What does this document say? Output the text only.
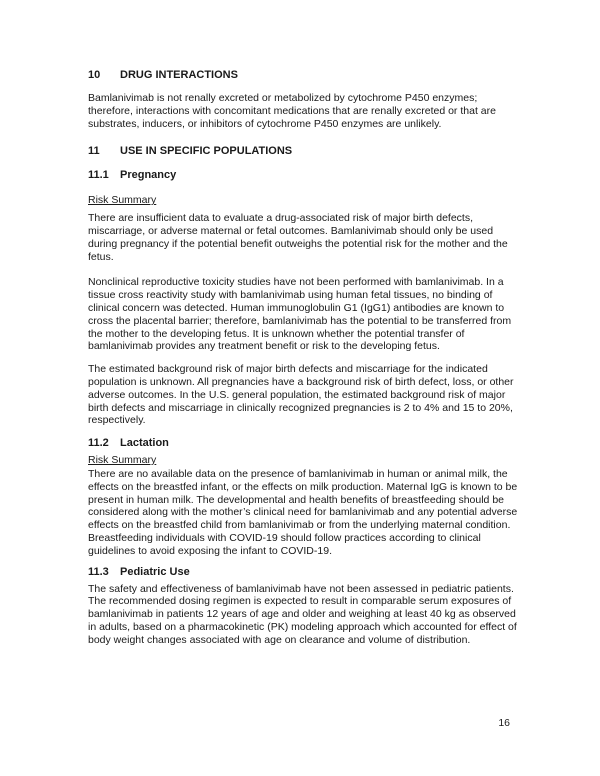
10 DRUG INTERACTIONS

Bamlanivimab is not renally excreted or metabolized by cytochrome P450 enzymes; therefore, interactions with concomitant medications that are renally excreted or that are substrates, inducers, or inhibitors of cytochrome P450 enzymes are unlikely.

11 USE IN SPECIFIC POPULATIONS
11.1 Pregnancy
Risk Summary

There are insufficient data to evaluate a drug-associated risk of major birth defects, miscarriage, or adverse maternal or fetal outcomes. Bamlanivimab should only be used during pregnancy if the potential benefit outweighs the potential risk for the mother and the fetus.

Nonclinical reproductive toxicity studies have not been performed with bamlanivimab. In a tissue cross reactivity study with bamlanivimab using human fetal tissues, no binding of clinical concern was detected. Human immunoglobulin G1 (IgG1) antibodies are known to cross the placental barrier; therefore, bamlanivimab has the potential to be transferred from the mother to the developing fetus. It is unknown whether the potential transfer of bamlanivimab provides any treatment benefit or risk to the developing fetus.

The estimated background risk of major birth defects and miscarriage for the indicated population is unknown. All pregnancies have a background risk of birth defect, loss, or other adverse outcomes. In the U.S. general population, the estimated background risk of major birth defects and miscarriage in clinically recognized pregnancies is 2 to 4% and 15 to 20%, respectively.

11.2 Lactation
Risk Summary

There are no available data on the presence of bamlanivimab in human or animal milk, the effects on the breastfed infant, or the effects on milk production. Maternal IgG is known to be present in human milk. The developmental and health benefits of breastfeeding should be considered along with the mother’s clinical need for bamlanivimab and any potential adverse effects on the breastfed child from bamlanivimab or from the underlying maternal condition. Breastfeeding individuals with COVID-19 should follow practices according to clinical guidelines to avoid exposing the infant to COVID-19.

11.3 Pediatric Use

The safety and effectiveness of bamlanivimab have not been assessed in pediatric patients. The recommended dosing regimen is expected to result in comparable serum exposures of bamlanivimab in patients 12 years of age and older and weighing at least 40 kg as observed in adults, based on a pharmacokinetic (PK) modeling approach which accounted for effect of body weight changes associated with age on clearance and volume of distribution.

16
